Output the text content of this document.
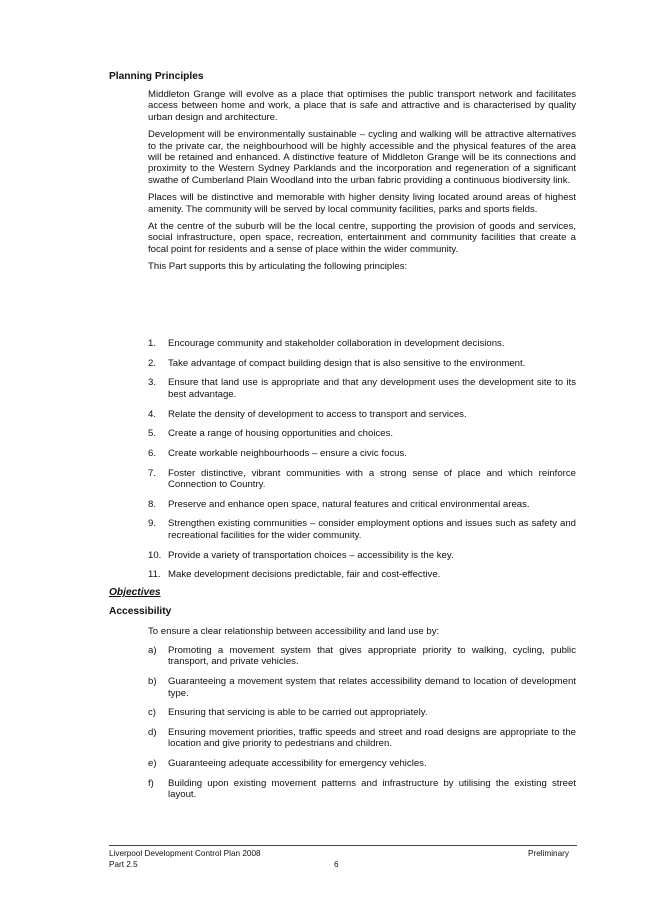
Planning Principles

Middleton Grange will evolve as a place that optimises the public transport network and facilitates access between home and work, a place that is safe and attractive and is characterised by quality urban design and architecture.

Development will be environmentally sustainable – cycling and walking will be attractive alternatives to the private car, the neighbourhood will be highly accessible and the physical features of the area will be retained and enhanced. A distinctive feature of Middleton Grange will be its connections and proximity to the Western Sydney Parklands and the incorporation and regeneration of a significant swathe of Cumberland Plain Woodland into the urban fabric providing a continuous biodiversity link.

Places will be distinctive and memorable with higher density living located around areas of highest amenity. The community will be served by local community facilities, parks and sports fields.

At the centre of the suburb will be the local centre, supporting the provision of goods and services, social infrastructure, open space, recreation, entertainment and community facilities that create a focal point for residents and a sense of place within the wider community.

This Part supports this by articulating the following principles:

1. Encourage community and stakeholder collaboration in development decisions.
2. Take advantage of compact building design that is also sensitive to the environment.
3. Ensure that land use is appropriate and that any development uses the development site to its best advantage.
4. Relate the density of development to access to transport and services.
5. Create a range of housing opportunities and choices.
6. Create workable neighbourhoods – ensure a civic focus.
7. Foster distinctive, vibrant communities with a strong sense of place and which reinforce Connection to Country.
8. Preserve and enhance open space, natural features and critical environmental areas.
9. Strengthen existing communities – consider employment options and issues such as safety and recreational facilities for the wider community.
10. Provide a variety of transportation choices – accessibility is the key.
11. Make development decisions predictable, fair and cost-effective.
Objectives
Accessibility
To ensure a clear relationship between accessibility and land use by:
a) Promoting a movement system that gives appropriate priority to walking, cycling, public transport, and private vehicles.
b) Guaranteeing a movement system that relates accessibility demand to location of development type.
c) Ensuring that servicing is able to be carried out appropriately.
d) Ensuring movement priorities, traffic speeds and street and road designs are appropriate to the location and give priority to pedestrians and children.
e) Guaranteeing adequate accessibility for emergency vehicles.
f) Building upon existing movement patterns and infrastructure by utilising the existing street layout.
Liverpool Development Control Plan 2008
Part 2.5	6
Preliminary
